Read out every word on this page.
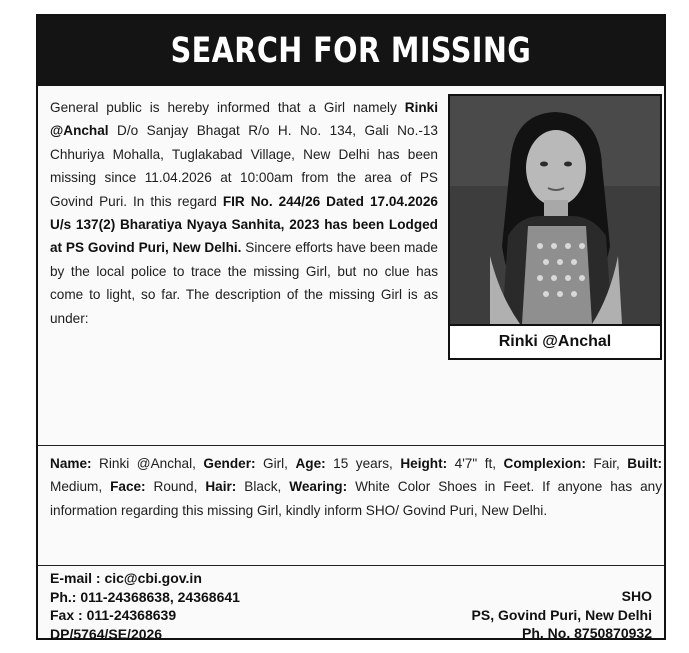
SEARCH FOR MISSING
Rinki @Anchal
General public is hereby informed that a Girl namely Rinki @Anchal D/o Sanjay Bhagat R/o H. No. 134, Gali No.-13 Chhuriya Mohalla, Tuglakabad Village, New Delhi has been missing since 11.04.2026 at 10:00am from the area of PS Govind Puri. In this regard FIR No. 244/26 Dated 17.04.2026 U/s 137(2) Bharatiya Nyaya Sanhita, 2023 has been Lodged at PS Govind Puri, New Delhi. Sincere efforts have been made by the local police to trace the missing Girl, but no clue has come to light, so far. The description of the missing Girl is as under:
Name: Rinki @Anchal, Gender: Girl, Age: 15 years, Height: 4'7" ft, Complexion: Fair, Built: Medium, Face: Round, Hair: Black, Wearing: White Color Shoes in Feet. If anyone has any information regarding this missing Girl, kindly inform SHO/ Govind Puri, New Delhi.
E-mail : cic@cbi.gov.in
Ph.: 011-24368638, 24368641
Fax : 011-24368639
DP/5764/SE/2026
SHO
PS, Govind Puri, New Delhi
Ph. No. 8750870932
